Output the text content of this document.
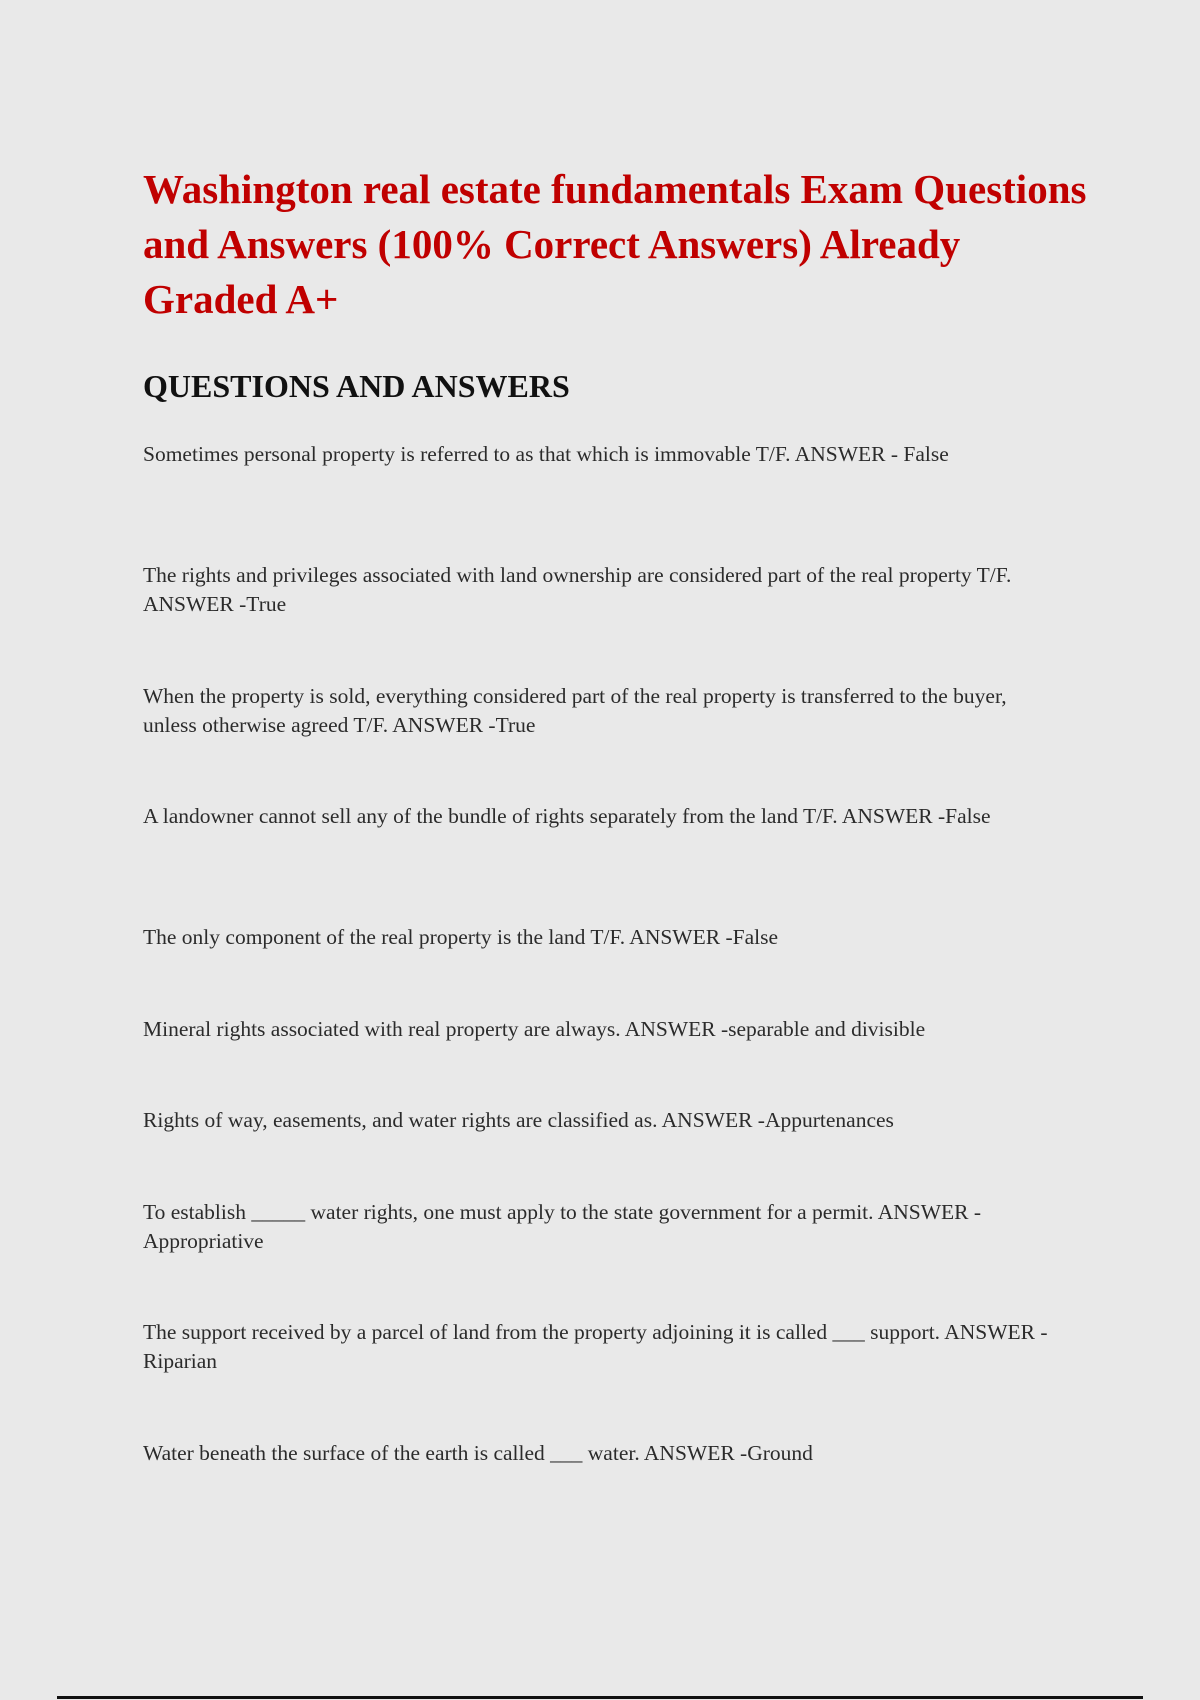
Washington real estate fundamentals Exam Questions and Answers (100% Correct Answers) Already Graded A+
QUESTIONS AND ANSWERS

Sometimes personal property is referred to as that which is immovable T/F. ANSWER - False

The rights and privileges associated with land ownership are considered part of the real property T/F. ANSWER -True

When the property is sold, everything considered part of the real property is transferred to the buyer, unless otherwise agreed T/F. ANSWER -True

A landowner cannot sell any of the bundle of rights separately from the land T/F. ANSWER -False

The only component of the real property is the land T/F. ANSWER -False

Mineral rights associated with real property are always. ANSWER -separable and divisible

Rights of way, easements, and water rights are classified as. ANSWER -Appurtenances

To establish _____ water rights, one must apply to the state government for a permit. ANSWER -Appropriative

The support received by a parcel of land from the property adjoining it is called ___ support. ANSWER -Riparian

Water beneath the surface of the earth is called ___ water. ANSWER -Ground
